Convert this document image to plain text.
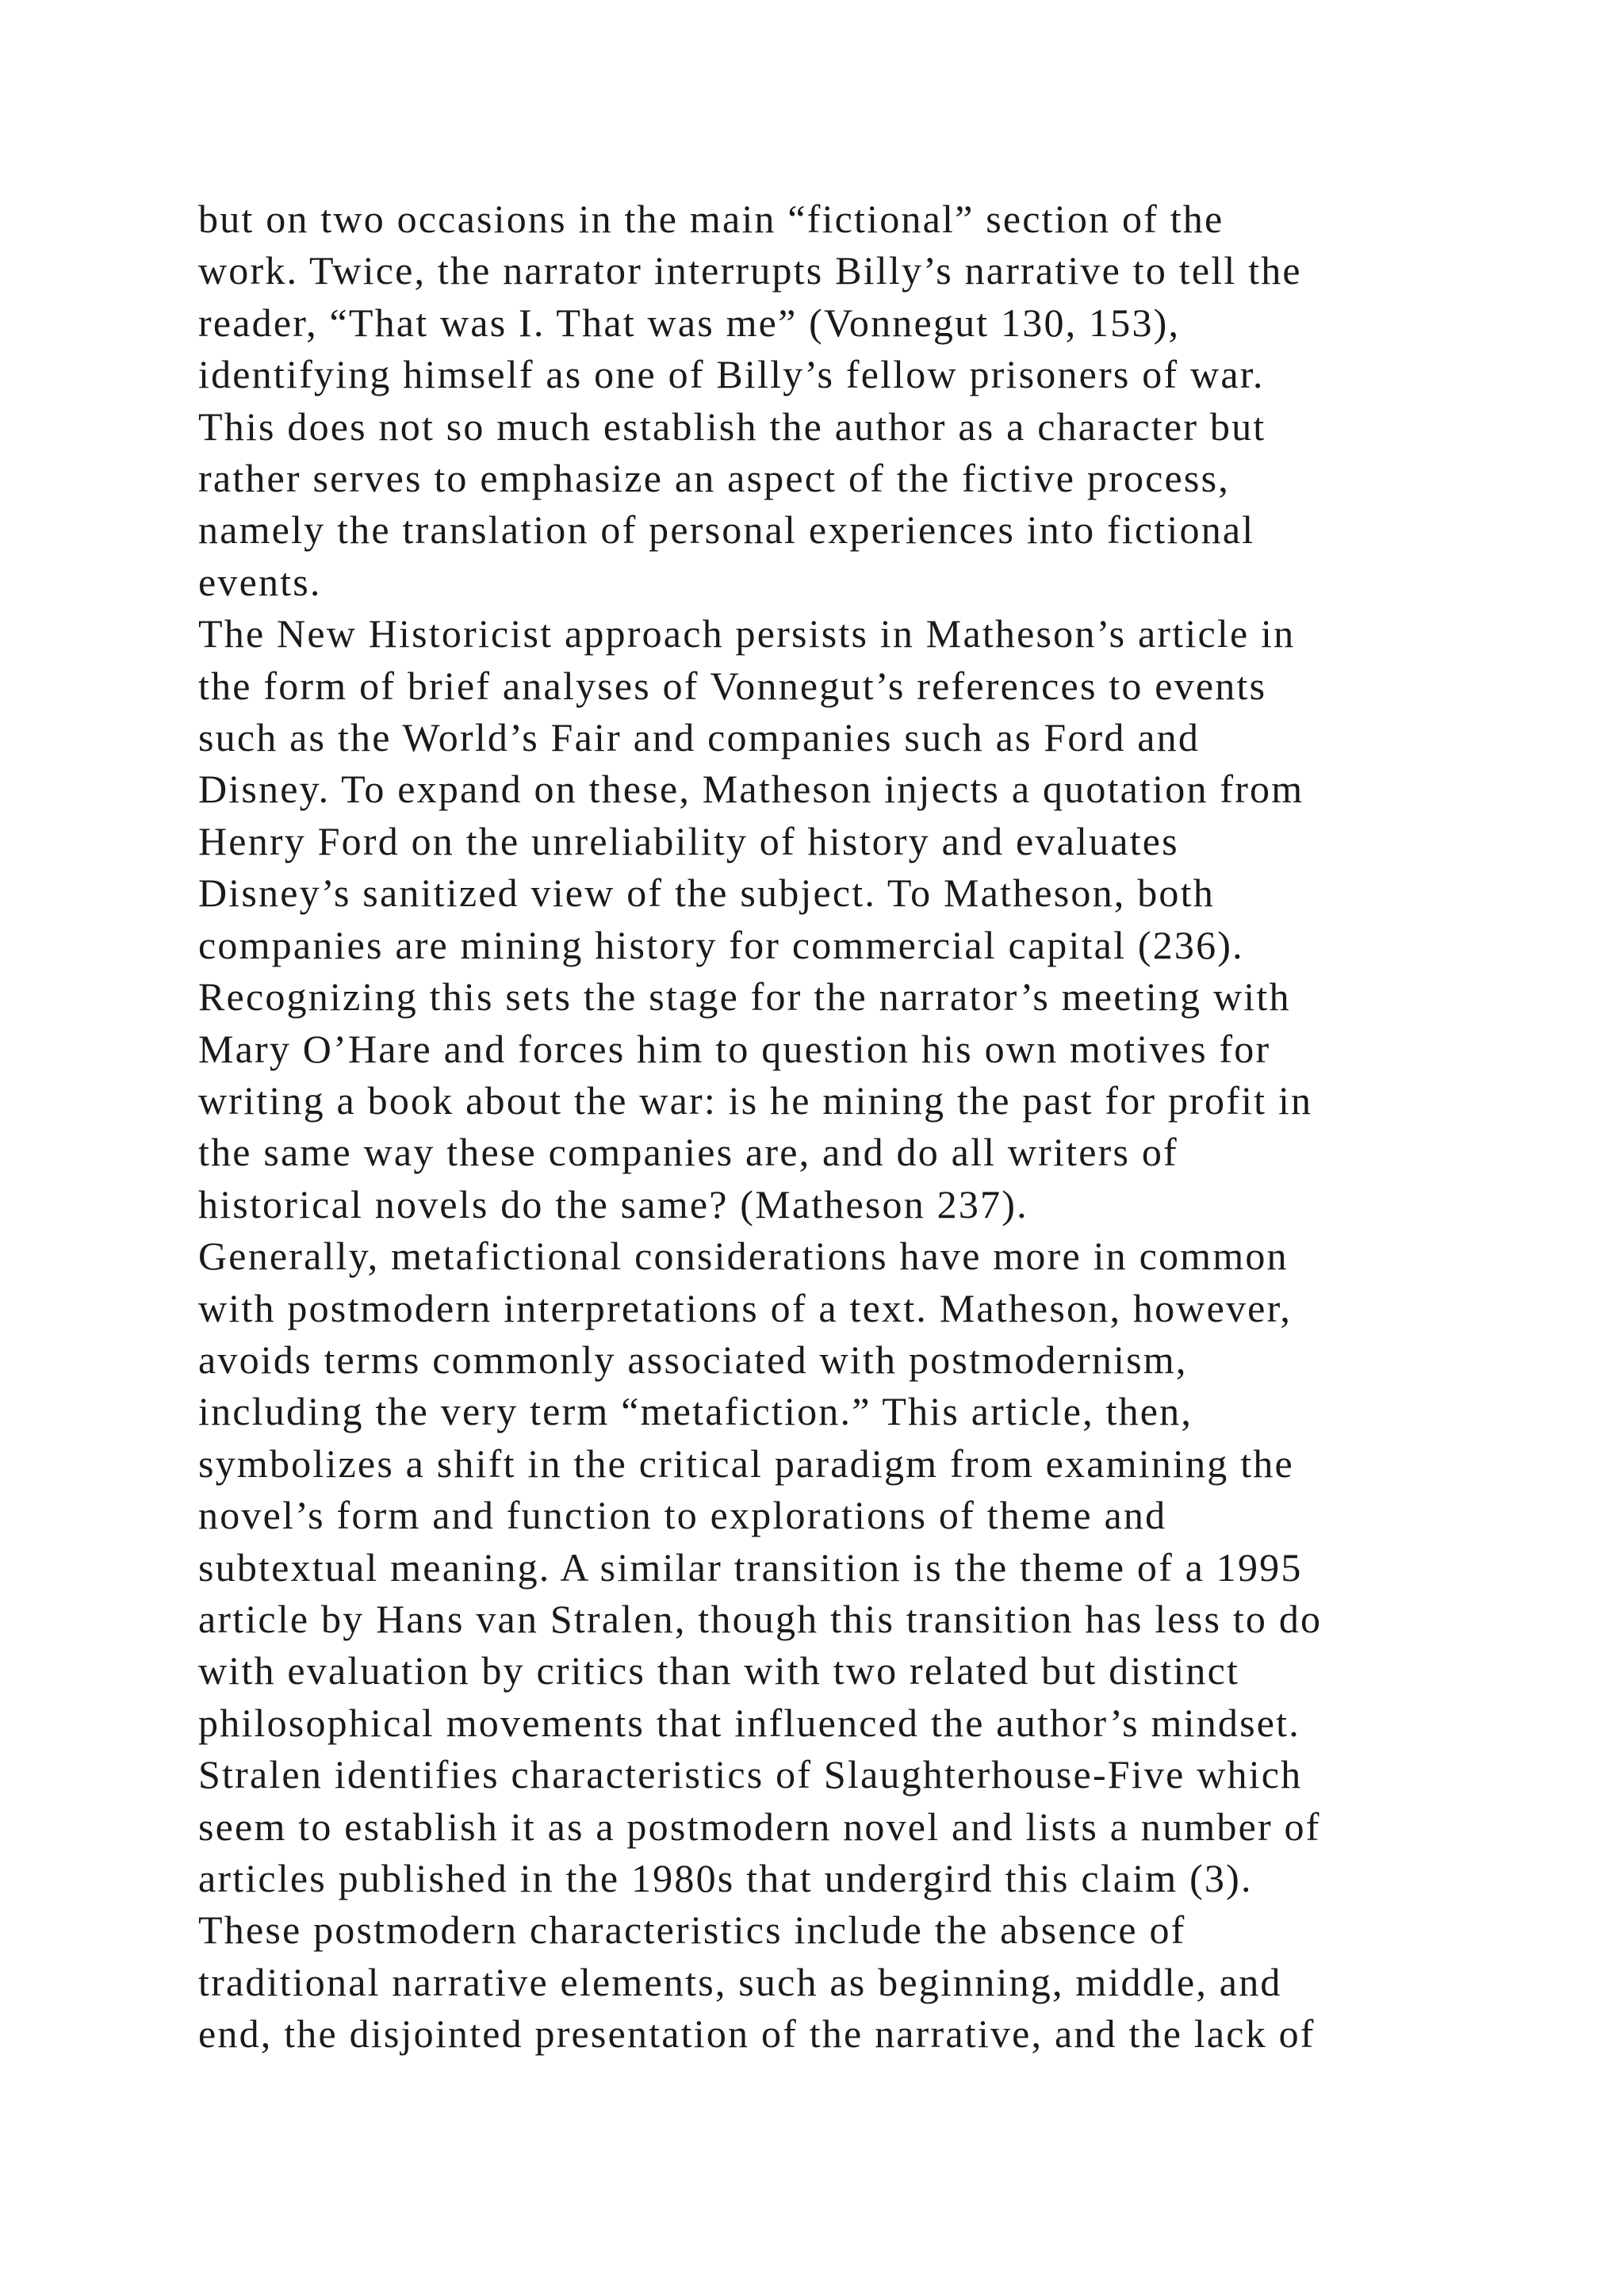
but on two occasions in the main “fictional” section of the
work. Twice, the narrator interrupts Billy’s narrative to tell the
reader, “That was I. That was me” (Vonnegut 130, 153),
identifying himself as one of Billy’s fellow prisoners of war.
This does not so much establish the author as a character but
rather serves to emphasize an aspect of the fictive process,
namely the translation of personal experiences into fictional
events.
The New Historicist approach persists in Matheson’s article in
the form of brief analyses of Vonnegut’s references to events
such as the World’s Fair and companies such as Ford and
Disney. To expand on these, Matheson injects a quotation from
Henry Ford on the unreliability of history and evaluates
Disney’s sanitized view of the subject. To Matheson, both
companies are mining history for commercial capital (236).
Recognizing this sets the stage for the narrator’s meeting with
Mary O’Hare and forces him to question his own motives for
writing a book about the war: is he mining the past for profit in
the same way these companies are, and do all writers of
historical novels do the same? (Matheson 237).
Generally, metafictional considerations have more in common
with postmodern interpretations of a text. Matheson, however,
avoids terms commonly associated with postmodernism,
including the very term “metafiction.” This article, then,
symbolizes a shift in the critical paradigm from examining the
novel’s form and function to explorations of theme and
subtextual meaning. A similar transition is the theme of a 1995
article by Hans van Stralen, though this transition has less to do
with evaluation by critics than with two related but distinct
philosophical movements that influenced the author’s mindset.
Stralen identifies characteristics of Slaughterhouse-Five which
seem to establish it as a postmodern novel and lists a number of
articles published in the 1980s that undergird this claim (3).
These postmodern characteristics include the absence of
traditional narrative elements, such as beginning, middle, and
end, the disjointed presentation of the narrative, and the lack of
